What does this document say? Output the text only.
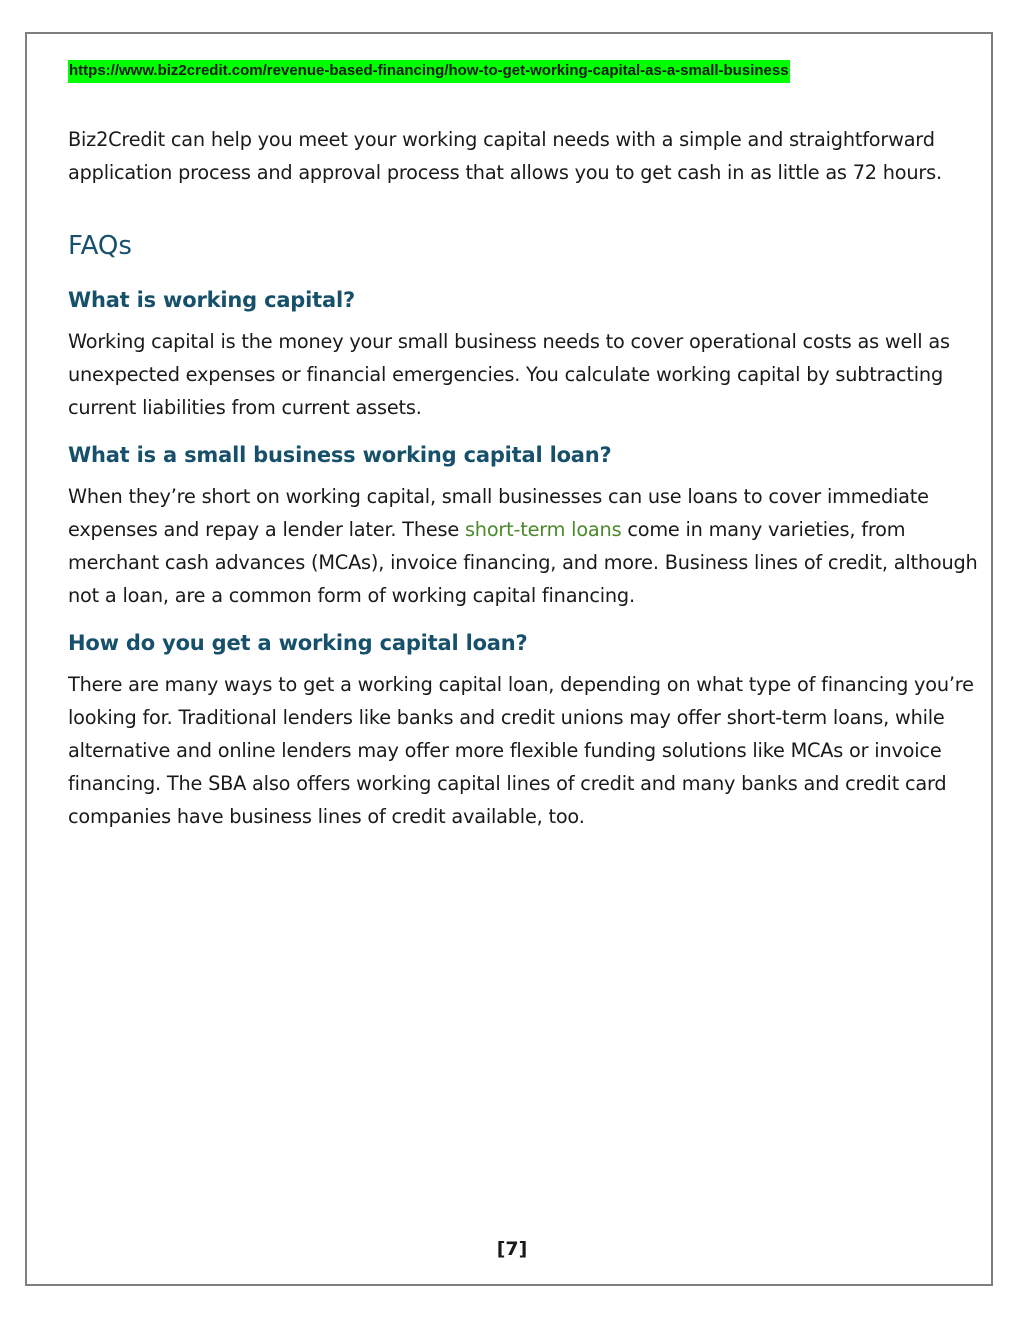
https://www.biz2credit.com/revenue-based-financing/how-to-get-working-capital-as-a-small-business

Biz2Credit can help you meet your working capital needs with a simple and straightforward application process and approval process that allows you to get cash in as little as 72 hours.

FAQs
What is working capital?

Working capital is the money your small business needs to cover operational costs as well as unexpected expenses or financial emergencies. You calculate working capital by subtracting current liabilities from current assets.

What is a small business working capital loan?

When they’re short on working capital, small businesses can use loans to cover immediate expenses and repay a lender later. These short-term loans come in many varieties, from merchant cash advances (MCAs), invoice financing, and more. Business lines of credit, although not a loan, are a common form of working capital financing.

How do you get a working capital loan?

There are many ways to get a working capital loan, depending on what type of financing you’re looking for. Traditional lenders like banks and credit unions may offer short-term loans, while alternative and online lenders may offer more flexible funding solutions like MCAs or invoice financing. The SBA also offers working capital lines of credit and many banks and credit card companies have business lines of credit available, too.

[7]
